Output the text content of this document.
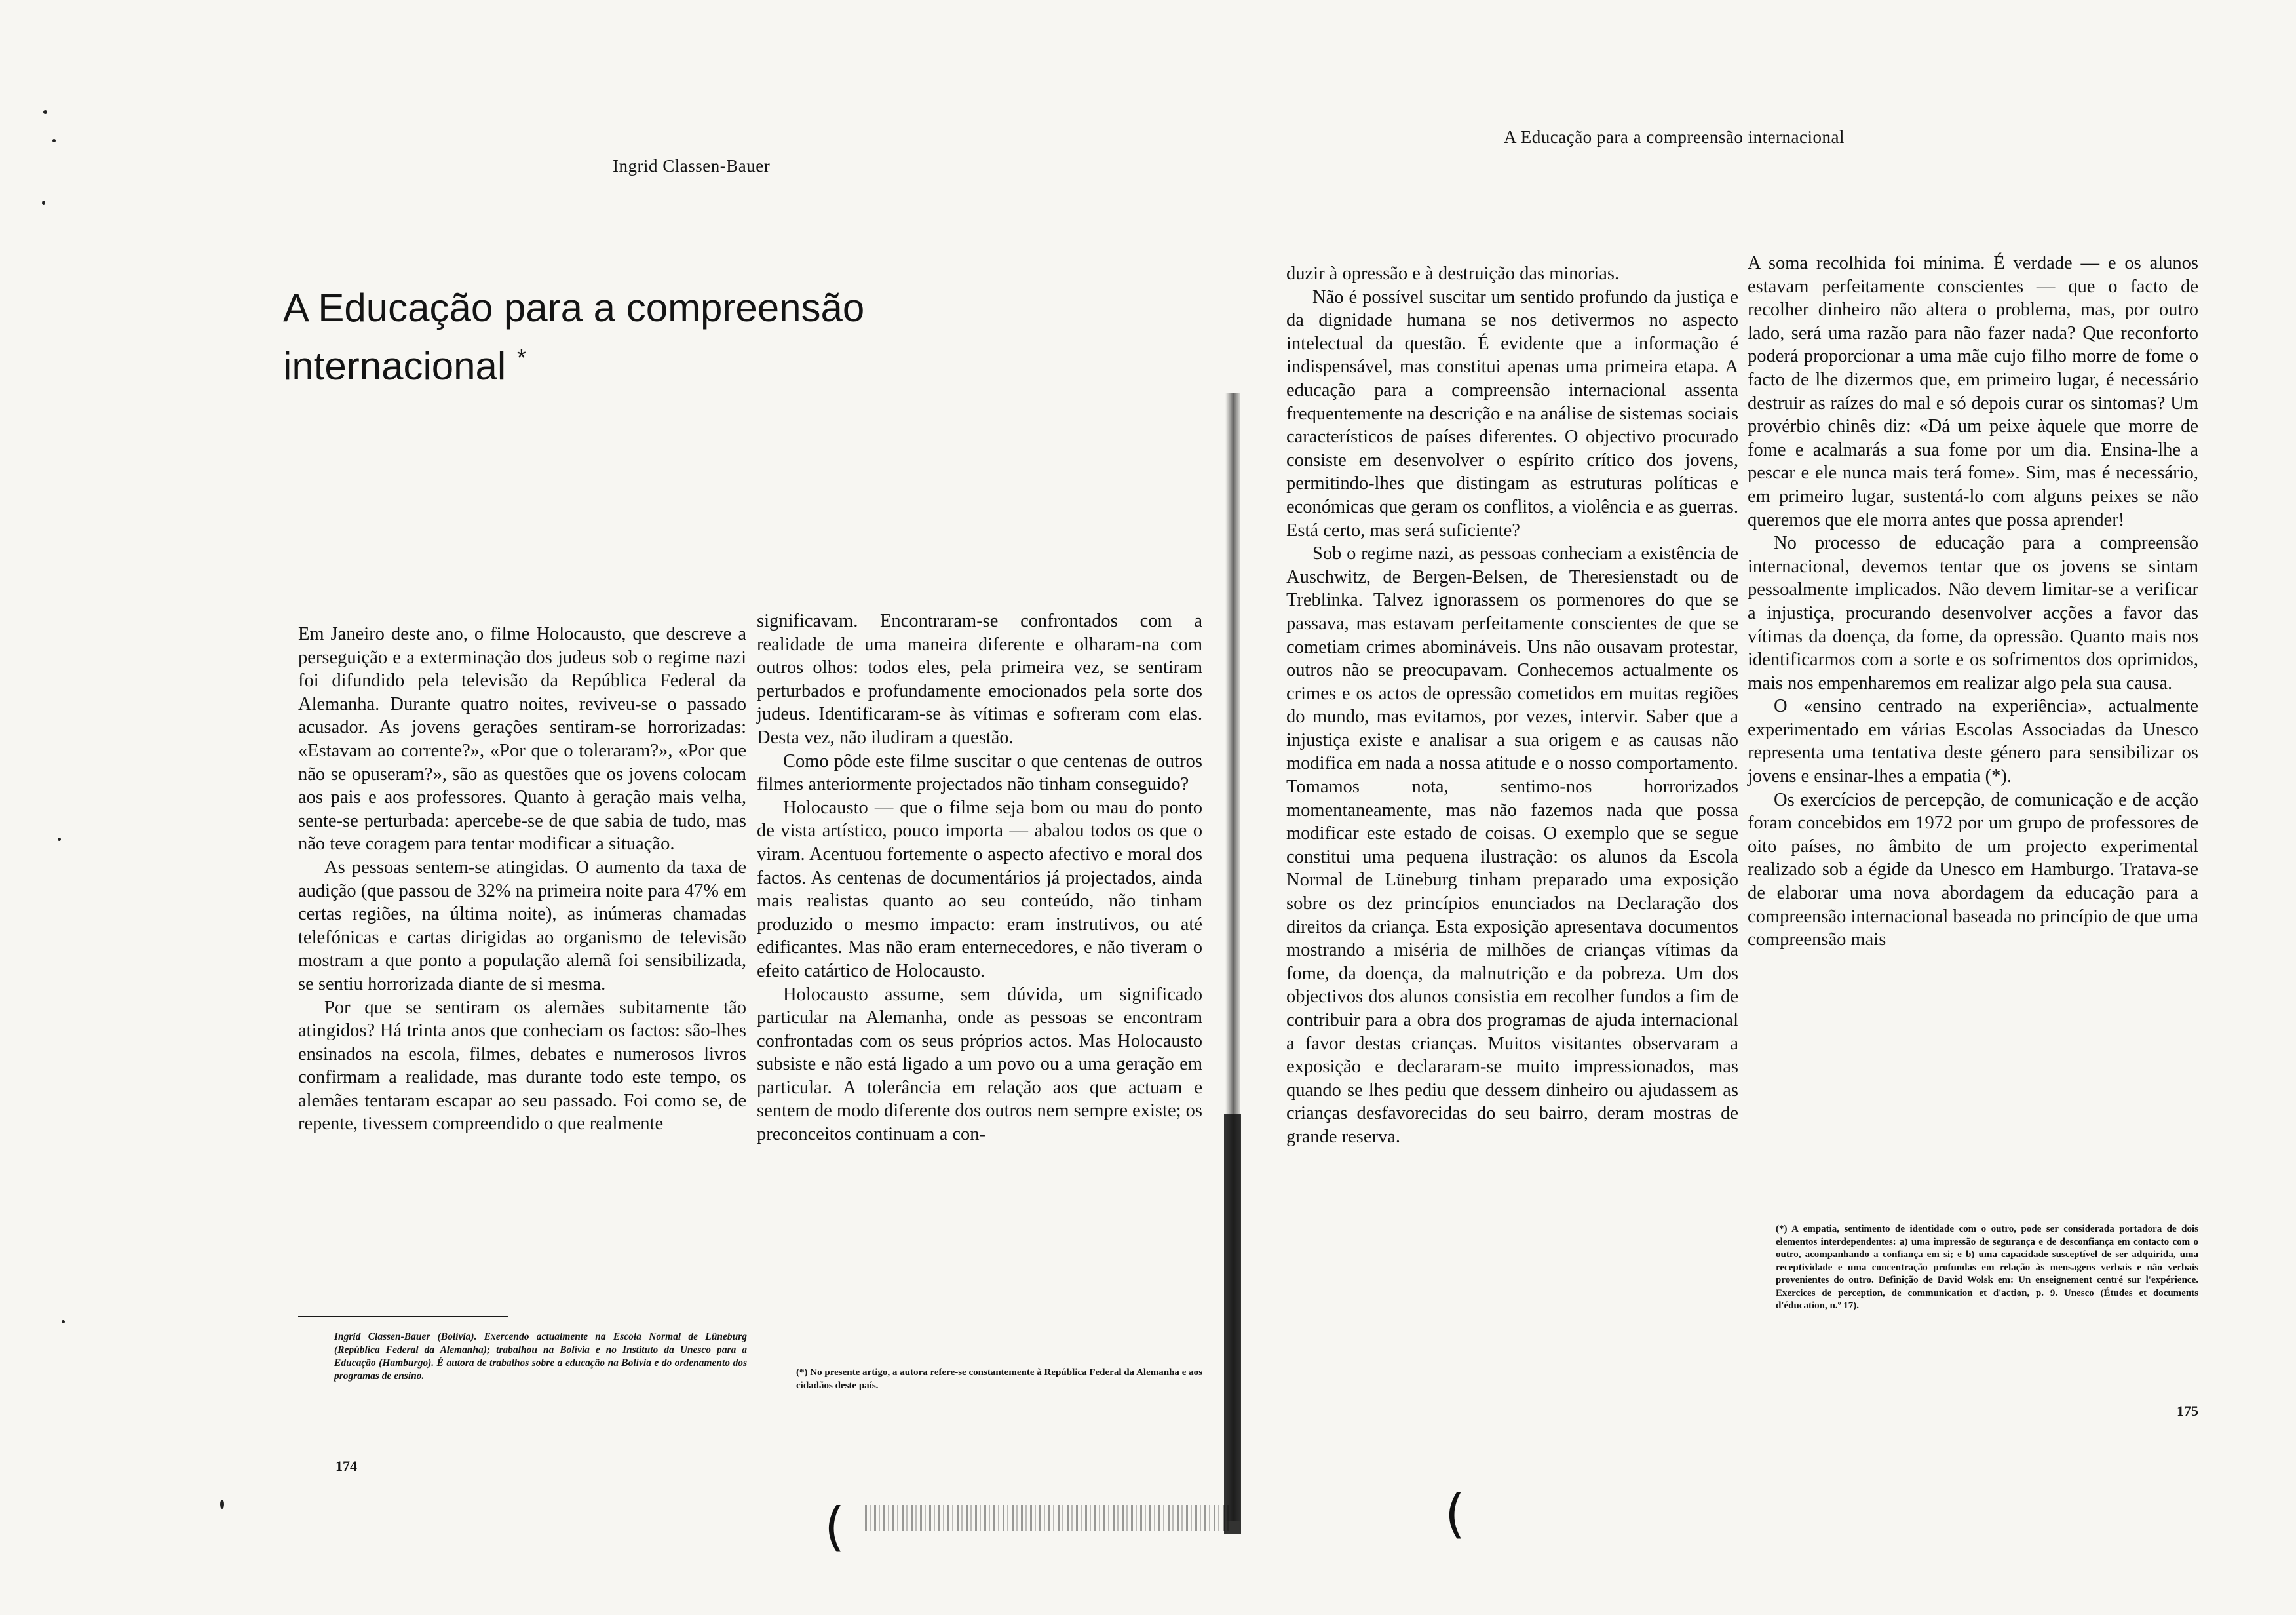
Ingrid Classen-Bauer
A Educação para a compreensão
internacional *

Em Janeiro deste ano, o filme Holocausto, que descreve a perseguição e a exterminação dos judeus sob o regime nazi foi difundido pela televisão da República Federal da Alemanha. Durante quatro noites, reviveu-se o passado acusador. As jovens gerações sentiram-se horrorizadas: «Estavam ao corrente?», «Por que o toleraram?», «Por que não se opuseram?», são as questões que os jovens colocam aos pais e aos professores. Quanto à geração mais velha, sente-se perturbada: apercebe-se de que sabia de tudo, mas não teve coragem para tentar modificar a situação.

As pessoas sentem-se atingidas. O aumento da taxa de audição (que passou de 32% na primeira noite para 47% em certas regiões, na última noite), as inúmeras chamadas telefónicas e cartas dirigidas ao organismo de televisão mostram a que ponto a população alemã foi sensibilizada, se sentiu horrorizada diante de si mesma.

Por que se sentiram os alemães subitamente tão atingidos? Há trinta anos que conheciam os factos: são-lhes ensinados na escola, filmes, debates e numerosos livros confirmam a realidade, mas durante todo este tempo, os alemães tentaram escapar ao seu passado. Foi como se, de repente, tivessem compreendido o que realmente

significavam. Encontraram-se confrontados com a realidade de uma maneira diferente e olharam-na com outros olhos: todos eles, pela primeira vez, se sentiram perturbados e profundamente emocionados pela sorte dos judeus. Identificaram-se às vítimas e sofreram com elas. Desta vez, não iludiram a questão.

Como pôde este filme suscitar o que centenas de outros filmes anteriormente projectados não tinham conseguido?

Holocausto — que o filme seja bom ou mau do ponto de vista artístico, pouco importa — abalou todos os que o viram. Acentuou fortemente o aspecto afectivo e moral dos factos. As centenas de documentários já projectados, ainda mais realistas quanto ao seu conteúdo, não tinham produzido o mesmo impacto: eram instrutivos, ou até edificantes. Mas não eram enternecedores, e não tiveram o efeito catártico de Holocausto.

Holocausto assume, sem dúvida, um significado particular na Alemanha, onde as pessoas se encontram confrontadas com os seus próprios actos. Mas Holocausto subsiste e não está ligado a um povo ou a uma geração em particular. A tolerância em relação aos que actuam e sentem de modo diferente dos outros nem sempre existe; os preconceitos continuam a con-

Ingrid Classen-Bauer (Bolívia). Exercendo actualmente na Escola Normal de Lüneburg (República Federal da Alemanha); trabalhou na Bolívia e no Instituto da Unesco para a Educação (Hamburgo). É autora de trabalhos sobre a educação na Bolívia e do ordenamento dos programas de ensino.	(*) No presente artigo, a autora refere-se constantemente à República Federal da Alemanha e aos cidadãos deste país.
174
(	(
A Educação para a compreensão internacional

duzir à opressão e à destruição das minorias.

Não é possível suscitar um sentido profundo da justiça e da dignidade humana se nos detivermos no aspecto intelectual da questão. É evidente que a informação é indispensável, mas constitui apenas uma primeira etapa. A educação para a compreensão internacional assenta frequentemente na descrição e na análise de sistemas sociais característicos de países diferentes. O objectivo procurado consiste em desenvolver o espírito crítico dos jovens, permitindo-lhes que distingam as estruturas políticas e económicas que geram os conflitos, a violência e as guerras. Está certo, mas será suficiente?

Sob o regime nazi, as pessoas conheciam a existência de Auschwitz, de Bergen-Belsen, de Theresienstadt ou de Treblinka. Talvez ignorassem os pormenores do que se passava, mas estavam perfeitamente conscientes de que se cometiam crimes abomináveis. Uns não ousavam protestar, outros não se preocupavam. Conhecemos actualmente os crimes e os actos de opressão cometidos em muitas regiões do mundo, mas evitamos, por vezes, intervir. Saber que a injustiça existe e analisar a sua origem e as causas não modifica em nada a nossa atitude e o nosso comportamento. Tomamos nota, sentimo-nos horrorizados momentaneamente, mas não fazemos nada que possa modificar este estado de coisas. O exemplo que se segue constitui uma pequena ilustração: os alunos da Escola Normal de Lüneburg tinham preparado uma exposição sobre os dez princípios enunciados na Declaração dos direitos da criança. Esta exposição apresentava documentos mostrando a miséria de milhões de crianças vítimas da fome, da doença, da malnutrição e da pobreza. Um dos objectivos dos alunos consistia em recolher fundos a fim de contribuir para a obra dos programas de ajuda internacional a favor destas crianças. Muitos visitantes observaram a exposição e declararam-se muito impressionados, mas quando se lhes pediu que dessem dinheiro ou ajudassem as crianças desfavorecidas do seu bairro, deram mostras de grande reserva.

A soma recolhida foi mínima. É verdade — e os alunos estavam perfeitamente conscientes — que o facto de recolher dinheiro não altera o problema, mas, por outro lado, será uma razão para não fazer nada? Que reconforto poderá proporcionar a uma mãe cujo filho morre de fome o facto de lhe dizermos que, em primeiro lugar, é necessário destruir as raízes do mal e só depois curar os sintomas? Um provérbio chinês diz: «Dá um peixe àquele que morre de fome e acalmarás a sua fome por um dia. Ensina-lhe a pescar e ele nunca mais terá fome». Sim, mas é necessário, em primeiro lugar, sustentá-lo com alguns peixes se não queremos que ele morra antes que possa aprender!

No processo de educação para a compreensão internacional, devemos tentar que os jovens se sintam pessoalmente implicados. Não devem limitar-se a verificar a injustiça, procurando desenvolver acções a favor das vítimas da doença, da fome, da opressão. Quanto mais nos identificarmos com a sorte e os sofrimentos dos oprimidos, mais nos empenharemos em realizar algo pela sua causa.

O «ensino centrado na experiência», actualmente experimentado em várias Escolas Associadas da Unesco representa uma tentativa deste género para sensibilizar os jovens e ensinar-lhes a empatia (*).

Os exercícios de percepção, de comunicação e de acção foram concebidos em 1972 por um grupo de professores de oito países, no âmbito de um projecto experimental realizado sob a égide da Unesco em Hamburgo. Tratava-se de elaborar uma nova abordagem da educação para a compreensão internacional baseada no princípio de que uma compreensão mais

(*) A empatia, sentimento de identidade com o outro, pode ser considerada portadora de dois elementos interdependentes: a) uma impressão de segurança e de desconfiança em contacto com o outro, acompanhando a confiança em si; e b) uma capacidade susceptível de ser adquirida, uma receptividade e uma concentração profundas em relação às mensagens verbais e não verbais provenientes do outro. Definição de David Wolsk em: Un enseignement centré sur l'expérience. Exercices de perception, de communication et d'action, p. 9. Unesco (Études et documents d'éducation, n.º 17).
175
